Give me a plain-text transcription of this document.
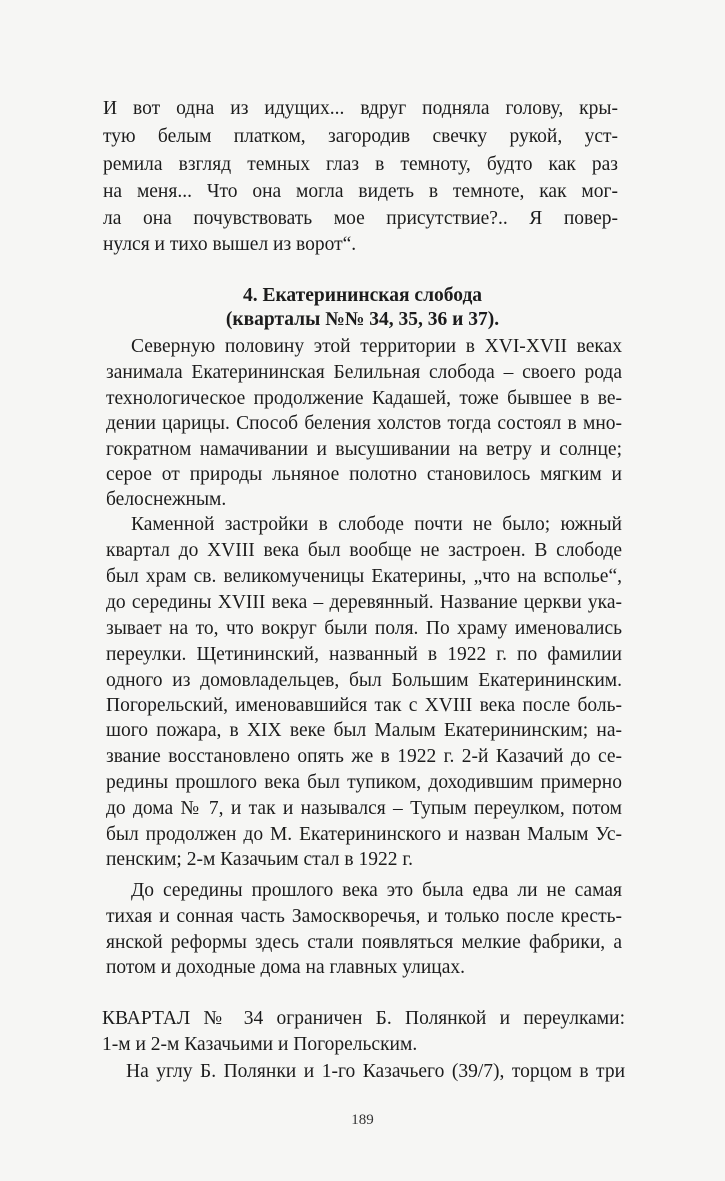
И вот одна из идущих... вдруг подняла голову, кры-
тую белым платком, загородив свечку рукой, уст-
ремила взгляд темных глаз в темноту, будто как раз
на меня... Что она могла видеть в темноте, как мог-
ла она почувствовать мое присутствие?.. Я повер-
нулся и тихо вышел из ворот“.
4. Екатерининская слобода
(кварталы №№ 34, 35, 36 и 37).
Северную половину этой территории в XVI-XVII веках
занимала Екатерининская Белильная слобода – своего рода
технологическое продолжение Кадашей, тоже бывшее в ве-
дении царицы. Способ беления холстов тогда состоял в мно-
гократном намачивании и высушивании на ветру и солнце;
серое от природы льняное полотно становилось мягким и
белоснежным.
Каменной застройки в слободе почти не было; южный
квартал до XVIII века был вообще не застроен. В слободе
был храм св. великомученицы Екатерины, „что на всполье“,
до середины XVIII века – деревянный. Название церкви ука-
зывает на то, что вокруг были поля. По храму именовались
переулки. Щетининский, названный в 1922 г. по фамилии
одного из домовладельцев, был Большим Екатерининским.
Погорельский, именовавшийся так с XVIII века после боль-
шого пожара, в XIX веке был Малым Екатерининским; на-
звание восстановлено опять же в 1922 г. 2-й Казачий до се-
редины прошлого века был тупиком, доходившим примерно
до дома № 7, и так и назывался – Тупым переулком, потом
был продолжен до М. Екатерининского и назван Малым Ус-
пенским; 2-м Казачьим стал в 1922 г.
До середины прошлого века это была едва ли не самая
тихая и сонная часть Замоскворечья, и только после кресть-
янской реформы здесь стали появляться мелкие фабрики, а
потом и доходные дома на главных улицах.
КВАРТАЛ № 34 ограничен Б. Полянкой и переулками:
1-м и 2-м Казачьими и Погорельским.
На углу Б. Полянки и 1-го Казачьего (39/7), торцом в три
189
